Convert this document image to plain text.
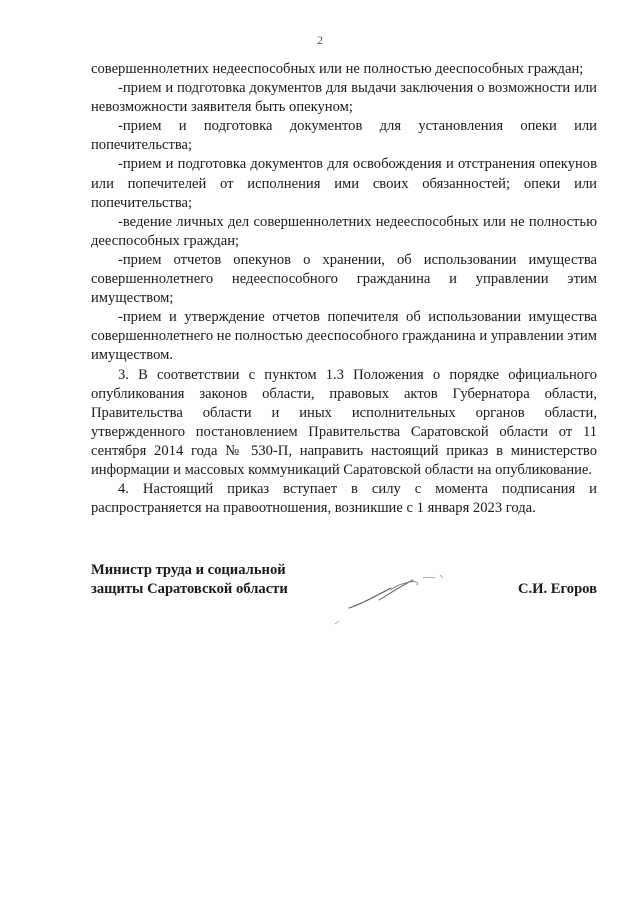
2

совершеннолетних недееспособных или не полностью дееспособных граждан;

-прием и подготовка документов для выдачи заключения о возможности или невозможности заявителя быть опекуном;

-прием и подготовка документов для установления опеки или попечительства;

-прием и подготовка документов для освобождения и отстранения опекунов или попечителей от исполнения ими своих обязанностей; опеки или попечительства;

-ведение личных дел совершеннолетних недееспособных или не полностью дееспособных граждан;

-прием отчетов опекунов о хранении, об использовании имущества совершеннолетнего недееспособного гражданина и управлении этим имуществом;

-прием и утверждение отчетов попечителя об использовании имущества совершеннолетнего не полностью дееспособного гражданина и управлении этим имуществом.

3. В соответствии с пунктом 1.3 Положения о порядке официального опубликования законов области, правовых актов Губернатора области, Правительства области и иных исполнительных органов области, утвержденного постановлением Правительства Саратовской области от 11 сентября 2014 года № 530-П, направить настоящий приказ в министерство информации и массовых коммуникаций Саратовской области на опубликование.

4. Настоящий приказ вступает в силу с момента подписания и распространяется на правоотношения, возникшие с 1 января 2023 года.

Министр труда и социальной
защиты Саратовской области	С.И. Егоров
